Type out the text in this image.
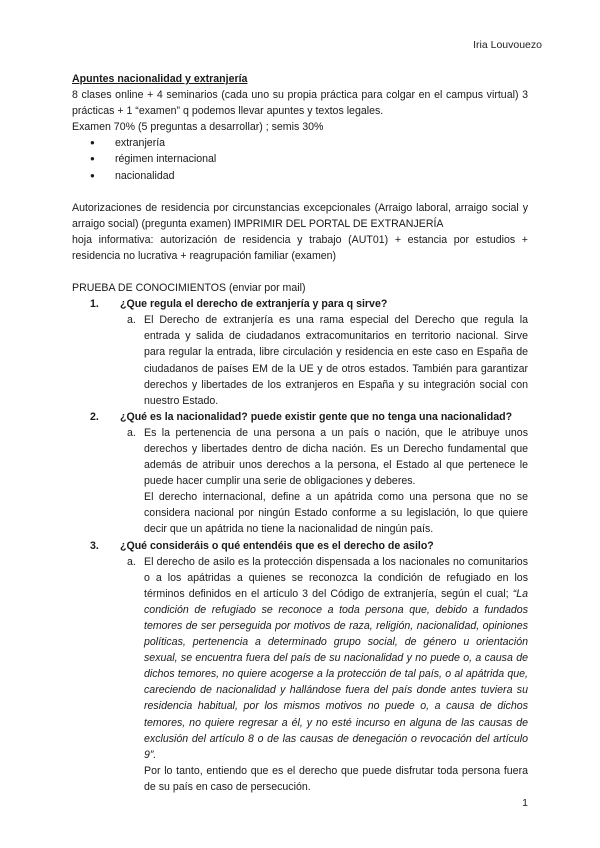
Iria Louvouezo
Apuntes nacionalidad y extranjería

8 clases online + 4 seminarios (cada uno su propia práctica para colgar en el campus virtual) 3 prácticas + 1 “examen” q podemos llevar apuntes y textos legales.

Examen 70% (5 preguntas a desarrollar) ; semis 30%

● extranjería
● régimen internacional
● nacionalidad

Autorizaciones de residencia por circunstancias excepcionales (Arraigo laboral, arraigo social y arraigo social) (pregunta examen) IMPRIMIR DEL PORTAL DE EXTRANJERÍA

hoja informativa: autorización de residencia y trabajo (AUT01) + estancia por estudios + residencia no lucrativa + reagrupación familiar (examen)

PRUEBA DE CONOCIMIENTOS (enviar por mail)

1. ¿Que regula el derecho de extranjería y para q sirve?
a. El Derecho de extranjería es una rama especial del Derecho que regula la entrada y salida de ciudadanos extracomunitarios en territorio nacional. Sirve para regular la entrada, libre circulación y residencia en este caso en España de ciudadanos de países EM de la UE y de otros estados. También para garantizar derechos y libertades de los extranjeros en España y su integración social con nuestro Estado.
2. ¿Qué es la nacionalidad? puede existir gente que no tenga una nacionalidad?
a. Es la pertenencia de una persona a un país o nación, que le atribuye unos derechos y libertades dentro de dicha nación. Es un Derecho fundamental que además de atribuir unos derechos a la persona, el Estado al que pertenece le puede hacer cumplir una serie de obligaciones y deberes.
El derecho internacional, define a un apátrida como una persona que no se considera nacional por ningún Estado conforme a su legislación, lo que quiere decir que un apátrida no tiene la nacionalidad de ningún país.
3. ¿Qué consideráis o qué entendéis que es el derecho de asilo?
a. El derecho de asilo es la protección dispensada a los nacionales no comunitarios o a los apátridas a quienes se reconozca la condición de refugiado en los términos definidos en el artículo 3 del Código de extranjería, según el cual; “La condición de refugiado se reconoce a toda persona que, debido a fundados temores de ser perseguida por motivos de raza, religión, nacionalidad, opiniones políticas, pertenencia a determinado grupo social, de género u orientación sexual, se encuentra fuera del país de su nacionalidad y no puede o, a causa de dichos temores, no quiere acogerse a la protección de tal país, o al apátrida que, careciendo de nacionalidad y hallándose fuera del país donde antes tuviera su residencia habitual, por los mismos motivos no puede o, a causa de dichos temores, no quiere regresar a él, y no esté incurso en alguna de las causas de exclusión del artículo 8 o de las causas de denegación o revocación del artículo 9”.
Por lo tanto, entiendo que es el derecho que puede disfrutar toda persona fuera de su país en caso de persecución.
1
